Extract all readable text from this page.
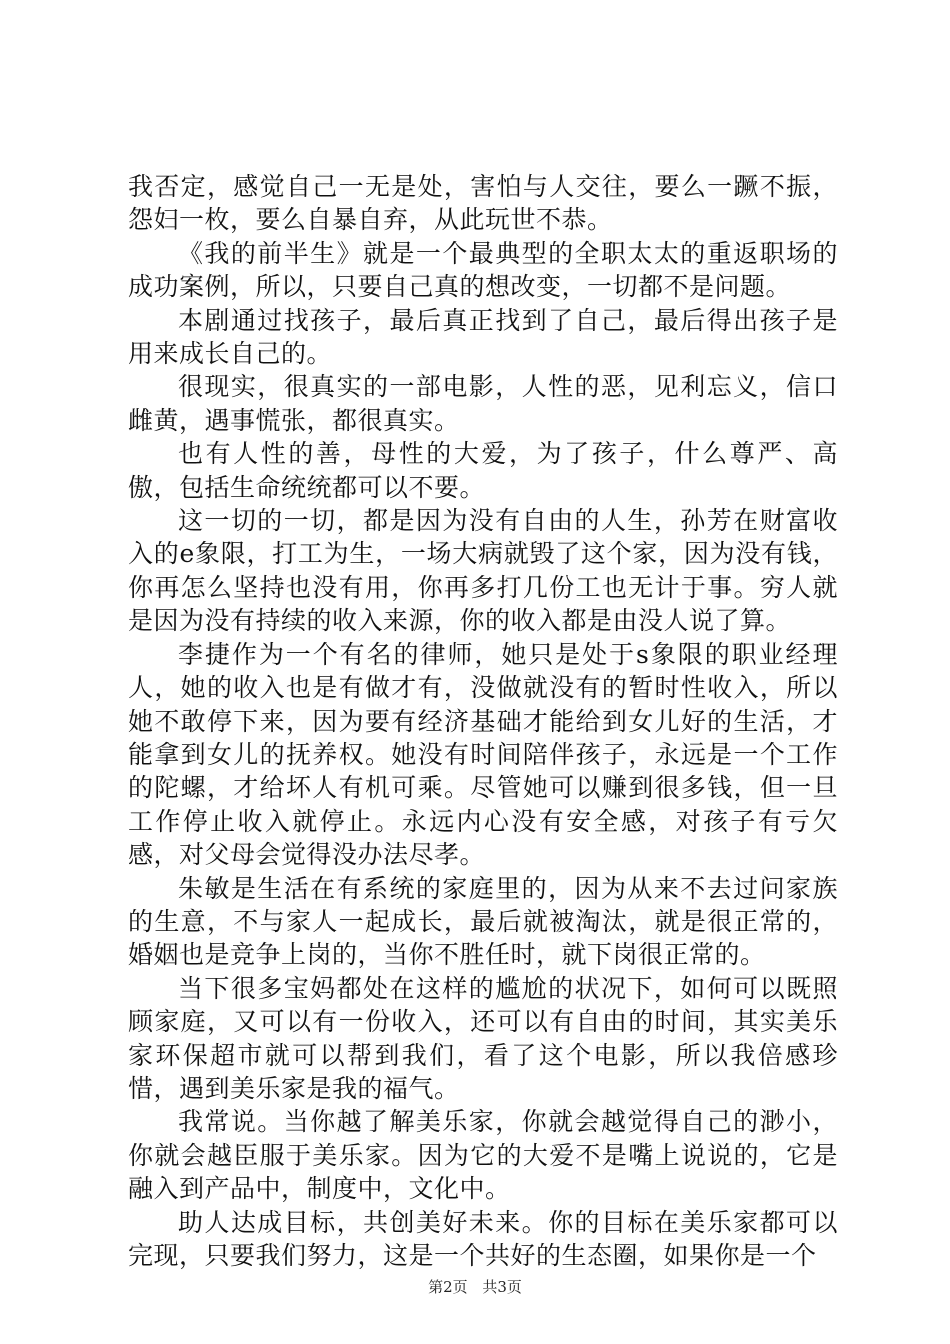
我否定，感觉自己一无是处，害怕与人交往，要么一蹶不振，怨妇一枚，要么自暴自弃，从此玩世不恭。

《我的前半生》就是一个最典型的全职太太的重返职场的成功案例，所以，只要自己真的想改变，一切都不是问题。

本剧通过找孩子，最后真正找到了自己，最后得出孩子是用来成长自己的。

很现实，很真实的一部电影，人性的恶，见利忘义，信口雌黄，遇事慌张，都很真实。

也有人性的善，母性的大爱，为了孩子，什么尊严、高傲，包括生命统统都可以不要。

这一切的一切，都是因为没有自由的人生，孙芳在财富收入的e象限，打工为生，一场大病就毁了这个家，因为没有钱，你再怎么坚持也没有用，你再多打几份工也无计于事。穷人就是因为没有持续的收入来源，你的收入都是由没人说了算。

李捷作为一个有名的律师，她只是处于s象限的职业经理人，她的收入也是有做才有，没做就没有的暂时性收入，所以她不敢停下来，因为要有经济基础才能给到女儿好的生活，才能拿到女儿的抚养权。她没有时间陪伴孩子，永远是一个工作的陀螺，才给坏人有机可乘。尽管她可以赚到很多钱，但一旦工作停止收入就停止。永远内心没有安全感，对孩子有亏欠感，对父母会觉得没办法尽孝。

朱敏是生活在有系统的家庭里的，因为从来不去过问家族的生意，不与家人一起成长，最后就被淘汰，就是很正常的，婚姻也是竞争上岗的，当你不胜任时，就下岗很正常的。

当下很多宝妈都处在这样的尴尬的状况下，如何可以既照顾家庭，又可以有一份收入，还可以有自由的时间，其实美乐家环保超市就可以帮到我们，看了这个电影，所以我倍感珍惜，遇到美乐家是我的福气。

我常说。当你越了解美乐家，你就会越觉得自己的渺小，你就会越臣服于美乐家。因为它的大爱不是嘴上说说的，它是融入到产品中，制度中，文化中。

助人达成目标，共创美好未来。你的目标在美乐家都可以完现，只要我们努力，这是一个共好的生态圈，如果你是一个

第2页 共3页
